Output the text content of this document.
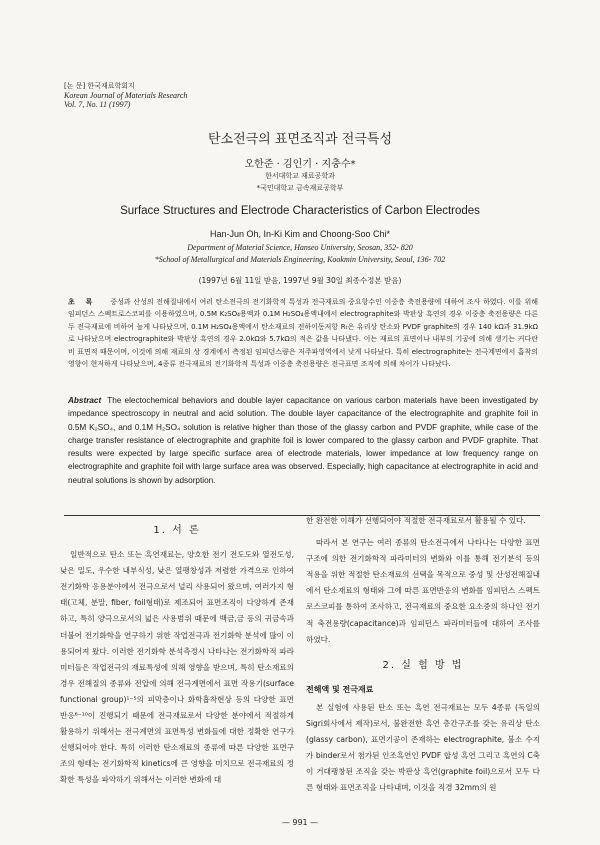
[논 문] 한국재료학회지
Korean Journal of Materials Research
Vol. 7, No. 11 (1997)
탄소전극의 표면조직과 전극특성
오한준 · 김인기 · 지충수*
한서대학교 재료공학과
*국민대학교 금속재료공학부
Surface Structures and Electrode Characteristics of Carbon Electrodes
Han-Jun Oh, In-Ki Kim and Choong-Soo Chi*
Department of Material Science, Hanseo University, Seosan, 352- 820
*School of Metallurgical and Materials Engineering, Kookmin University, Seoul, 136- 702
(1997년 6월 11일 받음, 1997년 9월 30일 최종수정본 받음)
초 록 중성과 산성의 전해질내에서 여러 탄소전극의 전기화학적 특성과 전극재료의 중요항수인 이중층 축전용량에 대하여 조사 하였다. 이를 위해 임피던스 스펙트로스코피를 이용하였으며, 0.5M K₂SO₄용액과 0.1M H₂SO₄용액내에서 electrographite와 박판상 흑연의 경우 이중층 축전용량은 다른 두 전극재료에 비하여 높게 나타났으며, 0.1M H₂SO₄용액에서 탄소재료의 전하이동저항 Rₜ은 유리상 탄소와 PVDF graphite의 경우 140 kΩ과 31.9kΩ로 나타났으며 electrographite와 박판상 흑연의 경우 2.0kΩ와 5.7kΩ의 적은 값을 나타냈다. 이는 재료의 표면이나 내부의 기공에 의해 생기는 커다란 비 표면적 때문이며, 이것에 의해 재료의 상 경계에서 측정된 임피던스량은 저주파영역에서 낮게 나타났다. 특히 electrographite는 전극계면에서 흡착의 영향이 현저하게 나타났으며, 4종류 전극재료의 전기화학적 특성과 이중층 축전용량은 전극표면 조직에 의해 차이가 나타났다.
Abstract The electochemical behaviors and double layer capacitance on various carbon materials have been investigated by impedance spectroscopy in neutral and acid solution. The double layer capacitance of the electrographite and graphite foil in 0.5M K₂SO₄, and 0.1M H₂SO₄ solution is relative higher than those of the glassy carbon and PVDF graphite, while case of the charge transfer resistance of electrographite and graphite foil is lower compared to the glassy carbon and PVDF graphite. That results were expected by large specific surface area of electrode materials, lower impedance at low frequency range on electrographite and graphite foil with large surface area was observed. Especially, high capacitance at electrographite in acid and neutral solutions is shown by adsorption.
1. 서 론

일반적으로 탄소 또는 흑연재료는, 양호한 전기 전도도와 열전도성, 낮은 밀도, 우수한 내부식성, 낮은 열팽창성과 저렴한 가격으로 인하여 전기화학 응용분야에서 전극으로서 널리 사용되어 왔으며, 여러가지 형태(고체, 분말, fiber, foil형태)로 제조되어 표면조직이 다양하게 존재하고, 특히 양극으로서의 넓은 사용범위 때문에 백금,금 등의 귀금속과 더불어 전기화학을 연구하기 위한 작업전극과 전기화학 분석에 많이 이용되어져 왔다. 이러한 전기화학 분석측정시 나타나는 전기화학적 파라미터들은 작업전극의 재료특성에 의해 영향을 받으며, 특히 탄소재료의 경우 전해질의 종류와 전압에 의해 전극계면에서 표면 작용기(surface functional group)¹⁻⁵의 피막층이나 화학흡착현상 등의 다양한 표면반응⁶⁻¹⁰이 진행되기 때문에 전극재료로서 다양한 분야에서 적절하게 활용하기 위해서는 전극계면의 표면특성 변화들에 대한 정확한 연구가 선행되어야 한다. 특히 이러한 탄소재료의 종류에 따른 다양한 표면구조의 형태는 전기화학적 kinetics에 큰 영향을 미치므로 전극재료의 정확한 특성을 파악하기 위해서는 이러한 변화에 대

한 완전한 이해가 선행되어야 적절한 전극재료로서 활용될 수 있다.

따라서 본 연구는 여러 종류의 탄소전극에서 나타나는 다양한 표면구조에 의한 전기화학적 파라미터의 변화와 이를 통해 전기분석 등의 적용을 위한 적절한 탄소재료의 선택을 목적으로 중성 및 산성전해질내에서 탄소재료의 형태와 그에 따른 표면반응의 변화를 임피던스 스펙트로스코피를 통하여 조사하고, 전극재료의 중요한 요소중의 하나인 전기적 축전용량(capacitance)과 임피던스 파라미터들에 대하여 조사를 하였다.

2. 실 험 방 법
전해액 및 전극재료

본 실험에 사용된 탄소 또는 흑연 전극재료는 모두 4종류 (독일의 Sigri회사에서 제작)로서, 불완전한 흑연 층간구조를 갖는 유리상 탄소(glassy carbon), 표면기공이 존재하는 electrographite, 불소 수지가 binder로서 첨가된 인조흑연인 PVDF 합성 흑연 그리고 흑연의 C축이 거대팽창된 조직을 갖는 박판상 흑연(graphite foil)으로서 모두 다른 형태와 표면조직을 나타내며, 이것을 직경 32mm의 원

— 991 —
